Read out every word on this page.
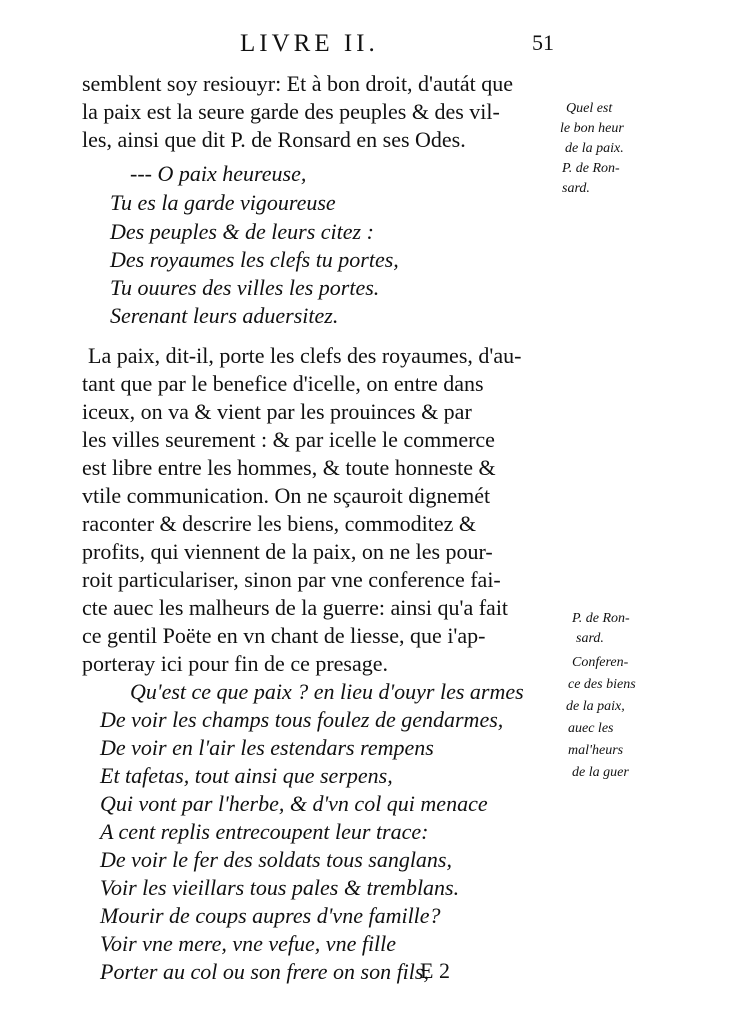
LIVRE II.	51
semblent soy resiouyr: Et à bon droit, d'autát que
la paix est la seure garde des peuples & des vil-
les, ainsi que dit P. de Ronsard en ses Odes.
--- O paix heureuse,
Tu es la garde vigoureuse
Des peuples & de leurs citez :
Des royaumes les clefs tu portes,
Tu ouures des villes les portes.
Serenant leurs aduersitez.
La paix, dit-il, porte les clefs des royaumes, d'au-
tant que par le benefice d'icelle, on entre dans
iceux, on va & vient par les prouinces & par
les villes seurement : & par icelle le commerce
est libre entre les hommes, & toute honneste &
vtile communication. On ne sçauroit dignemét
raconter & descrire les biens, commoditez &
profits, qui viennent de la paix, on ne les pour-
roit particulariser, sinon par vne conference fai-
cte auec les malheurs de la guerre: ainsi qu'a fait
ce gentil Poëte en vn chant de liesse, que i'ap-
porteray ici pour fin de ce presage.
Qu'est ce que paix ? en lieu d'ouyr les armes
De voir les champs tous foulez de gendarmes,
De voir en l'air les estendars rempens
Et tafetas, tout ainsi que serpens,
Qui vont par l'herbe, & d'vn col qui menace
A cent replis entrecoupent leur trace:
De voir le fer des soldats tous sanglans,
Voir les vieillars tous pales & tremblans.
Mourir de coups aupres d'vne famille?
Voir vne mere, vne vefue, vne fille
Porter au col ou son frere on son fils,
Quel est
le bon heur
de la paix.
P. de Ron-
sard.
P. de Ron-
sard.
Conferen-
ce des biens
de la paix,
auec les
mal'heurs
de la guer
E 2
